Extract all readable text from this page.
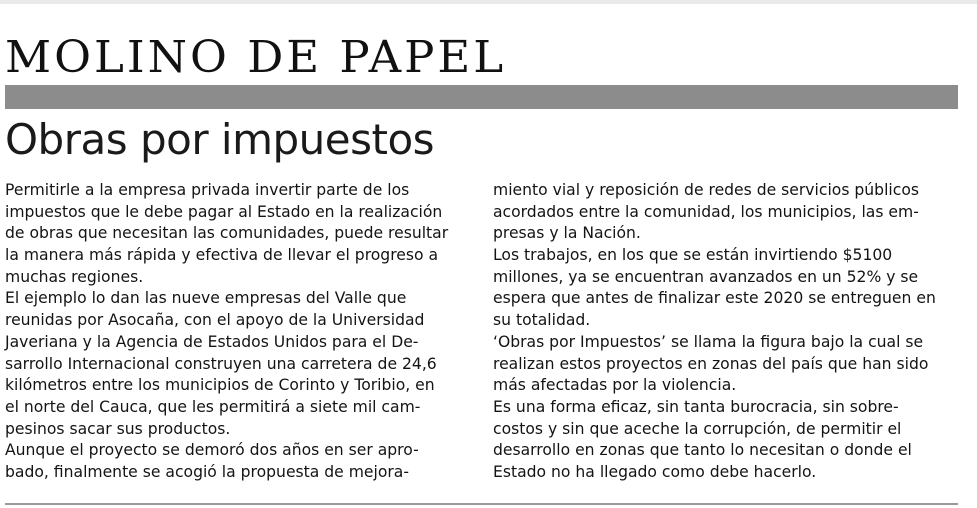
MOLINO DE PAPEL
Obras por impuestos
Permitirle a la empresa privada invertir parte de los
impuestos que le debe pagar al Estado en la realización
de obras que necesitan las comunidades, puede resultar
la manera más rápida y efectiva de llevar el progreso a
muchas regiones.
El ejemplo lo dan las nueve empresas del Valle que
reunidas por Asocaña, con el apoyo de la Universidad
Javeriana y la Agencia de Estados Unidos para el De-
sarrollo Internacional construyen una carretera de 24,6
kilómetros entre los municipios de Corinto y Toribio, en
el norte del Cauca, que les permitirá a siete mil cam-
pesinos sacar sus productos.
Aunque el proyecto se demoró dos años en ser apro-
bado, finalmente se acogió la propuesta de mejora-
miento vial y reposición de redes de servicios públicos
acordados entre la comunidad, los municipios, las em-
presas y la Nación.
Los trabajos, en los que se están invirtiendo $5100
millones, ya se encuentran avanzados en un 52% y se
espera que antes de finalizar este 2020 se entreguen en
su totalidad.
‘Obras por Impuestos’ se llama la figura bajo la cual se
realizan estos proyectos en zonas del país que han sido
más afectadas por la violencia.
Es una forma eficaz, sin tanta burocracia, sin sobre-
costos y sin que aceche la corrupción, de permitir el
desarrollo en zonas que tanto lo necesitan o donde el
Estado no ha llegado como debe hacerlo.
